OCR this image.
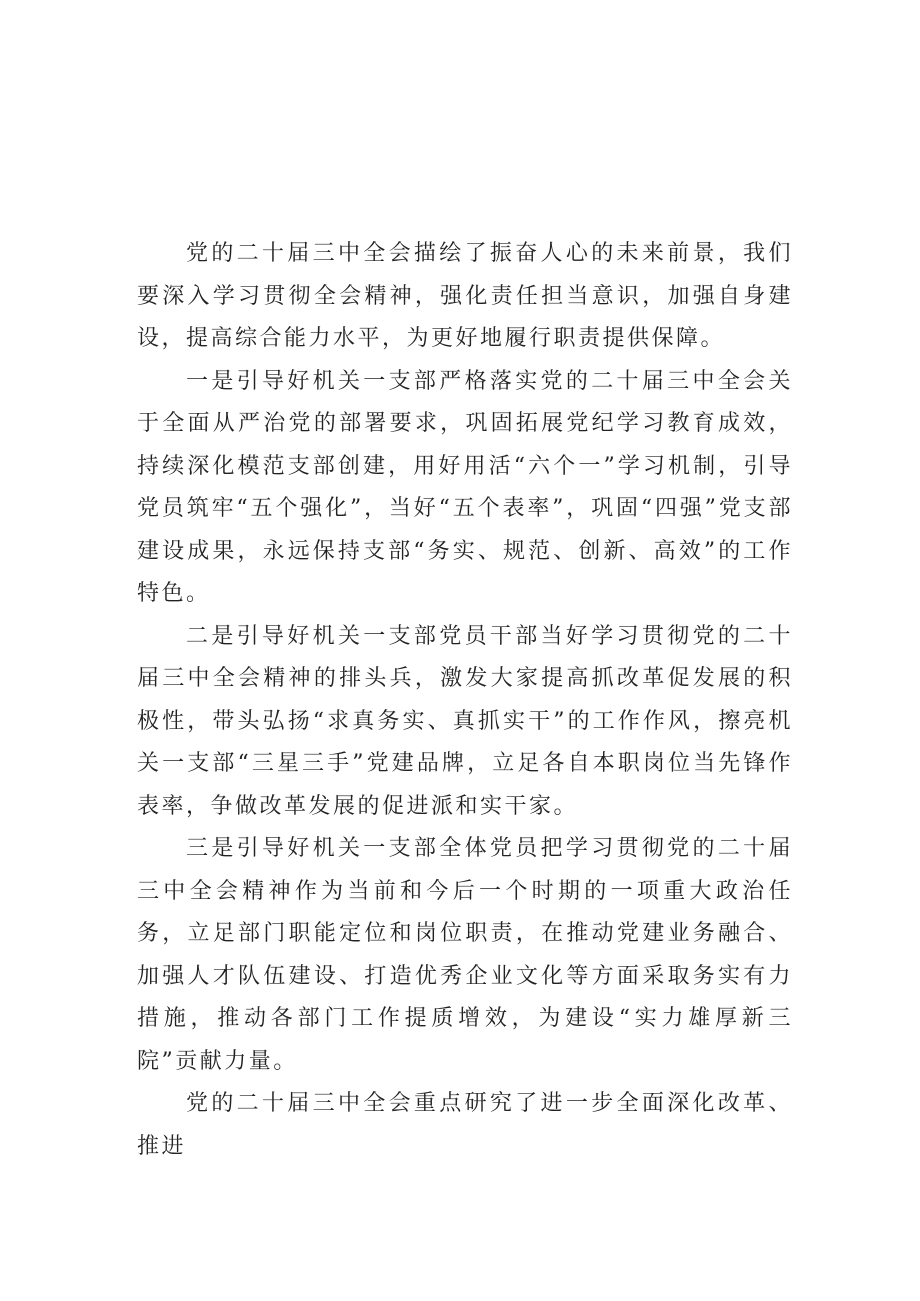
党的二十届三中全会描绘了振奋人心的未来前景，我们要深入学习贯彻全会精神，强化责任担当意识，加强自身建设，提高综合能力水平，为更好地履行职责提供保障。

一是引导好机关一支部严格落实党的二十届三中全会关于全面从严治党的部署要求，巩固拓展党纪学习教育成效，持续深化模范支部创建，用好用活“六个一”学习机制，引导党员筑牢“五个强化”，当好“五个表率”，巩固“四强”党支部建设成果，永远保持支部“务实、规范、创新、高效”的工作特色。

二是引导好机关一支部党员干部当好学习贯彻党的二十届三中全会精神的排头兵，激发大家提高抓改革促发展的积极性，带头弘扬“求真务实、真抓实干”的工作作风，擦亮机关一支部“三星三手”党建品牌，立足各自本职岗位当先锋作表率，争做改革发展的促进派和实干家。

三是引导好机关一支部全体党员把学习贯彻党的二十届三中全会精神作为当前和今后一个时期的一项重大政治任务，立足部门职能定位和岗位职责，在推动党建业务融合、加强人才队伍建设、打造优秀企业文化等方面采取务实有力措施，推动各部门工作提质增效，为建设“实力雄厚新三院”贡献力量。

党的二十届三中全会重点研究了进一步全面深化改革、推进
